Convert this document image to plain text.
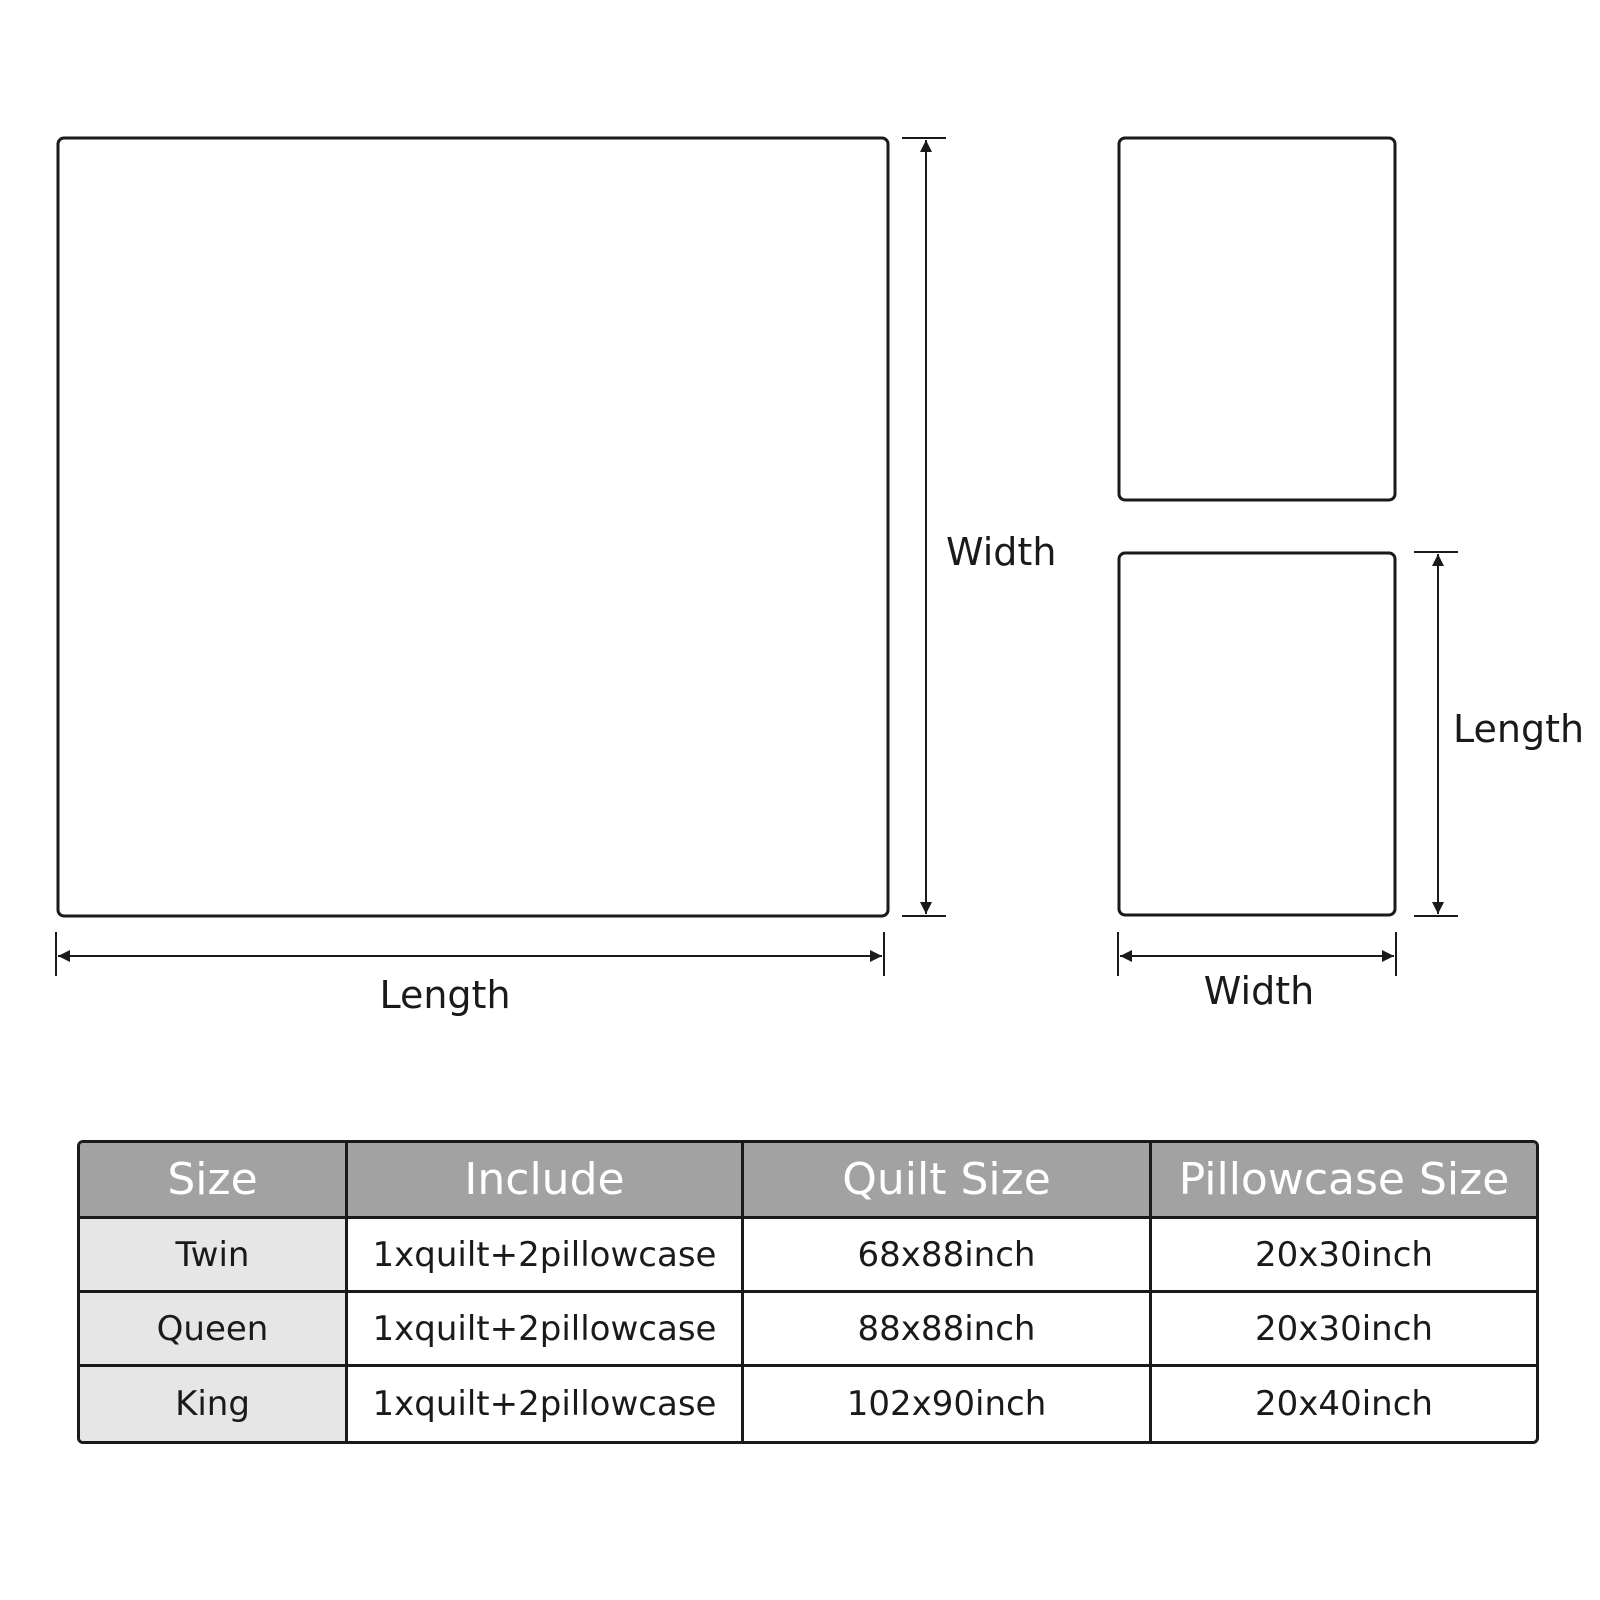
Length
Width
Length
Width
Size	Include	Quilt Size	Pillowcase Size
Twin	1xquilt+2pillowcase	68x88inch	20x30inch
Queen	1xquilt+2pillowcase	88x88inch	20x30inch
King	1xquilt+2pillowcase	102x90inch	20x40inch
